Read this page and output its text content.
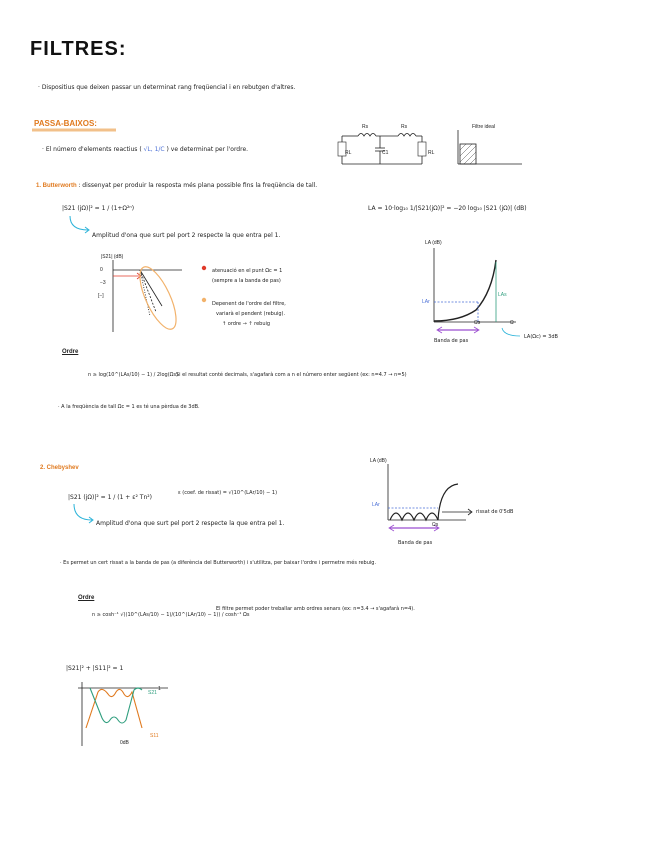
FILTRES:
· Dispositius que deixen passar un determinat rang freqüencial i en rebutgen d'altres.
PASSA-BAIXOS:
· El número d'elements reactius ( √L, 1/C ) ve determinat per l'ordre.
Rs	Rs
RL	C1	RL
Filtre ideal
1. Butterworth : dissenyat per produir la resposta més plana possible fins la freqüència de tall.
|S21 (jΩ)|² = 1 / (1+Ω²ⁿ)	LA = 10·log₁₀ 1/|S21(jΩ)|² = −20 log₁₀ |S21 (jΩ)| (dB)
Amplitud d'ona que surt pel port 2 respecte la que entra pel 1.
|S21| (dB)
0
−3
[−]
atenuació en el punt Ωc = 1
(sempre a la banda de pas)
Depenent de l'ordre del filtre,
variarà el pendent (rebuig).
↑ ordre → ↑ rebuig
LA (dB)
LAr
LAs
Ωs	Ω
Banda de pas
LA(Ωc) = 3dB
Ordre
n ≥ log(10^(LAs/10) − 1) / 2log(Ωs)
Si el resultat conté decimals, s'agafarà com a n el número enter següent (ex: n=4.7 → n=5)
· A la freqüència de tall Ωc = 1 es té una pèrdua de 3dB.
2. Chebyshev
|S21 (jΩ)|² = 1 / (1 + ε² Tn²)
ε (coef. de rissat) = √(10^(LAr/10) − 1)
Amplitud d'ona que surt pel port 2 respecte la que entra pel 1.
LA (dB)
LAr
Ωs
rissat de 0'5dB
Banda de pas
· Es permet un cert rissat a la banda de pas (a diferència del Butterworth) i s'utilitza, per baixar l'ordre i permetre més rebuig.
Ordre
n ≥ cosh⁻¹ √((10^(LAs/10) − 1)/(10^(LAr/10) − 1)) / cosh⁻¹ Ωs
El filtre permet poder treballar amb ordres senars (ex: n=3.4 → s'agafarà n=4).
|S21|² + |S11|² = 1
S21
S11
1
0dB
